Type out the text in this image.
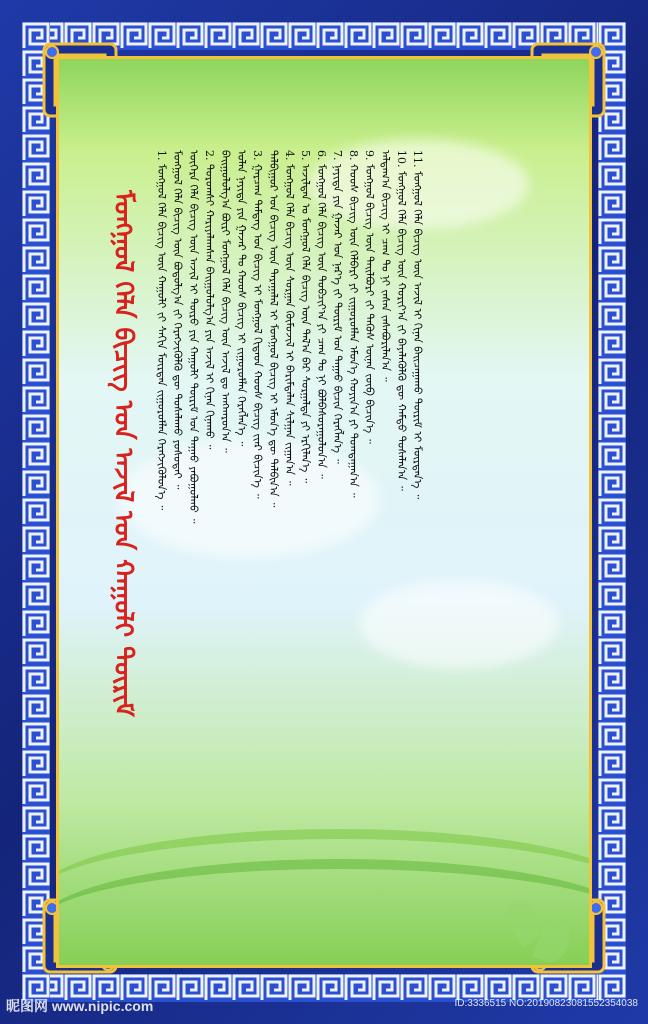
ᠮᠣᠩᠭᠣᠯ ᠬᠡᠯᠡ ᠪᠢᠴᠢᠭ ᠤᠨ ᠠᠵᠢᠯ ᠤᠨ ᠬᠠᠭᠤᠯᠢ ᠳᠦᠷᠢᠮ	1. ᠮᠣᠩᠭᠣᠯ ᠬᠡᠯᠡ ᠪᠢᠴᠢᠭ ᠦᠨ ᠬᠠᠭᠤᠯᠢ ᠵᠢ ᠰᠠᠬᠢᠨ ᠮᠥᠷᠳᠡᠨ ᠵᠢᠭᠤᠷᠤᠮᠯᠠᠨ ᠬᠡᠷᠡᠭᠵᠢᠭᠦᠯᠦᠨ᠎ᠡ ᠃ ᠮᠣᠩᠭᠣᠯ ᠬᠡᠯᠡ ᠪᠢᠴᠢᠭ ᠦᠨ ᠪᠣᠳᠣᠯᠭ᠎ᠠ ᠵᠢ ᠬᠡᠷᠡᠭᠵᠢᠭᠦᠯᠬᠦ ᠳᠦ ᠲᠤᠰᠠᠯᠠᠬᠤ ᠶᠣᠰᠣᠲᠠᠢ ᠃ ᠥᠭᠡᠷᠡ ᠬᠡᠯᠡ ᠪᠢᠴᠢᠭ ᠦᠨ ᠠᠵᠢᠯ ᠢ ᠲᠥᠷᠥ ᠶᠢᠨ ᠬᠠᠭᠤᠯᠢ ᠳᠦᠷᠢᠮ ᠤᠨ ᠳᠠᠭᠠᠤ ᠶᠠᠪᠤᠭᠤᠯᠬᠤ ᠃ 2. ᠳᠣᠷᠣᠭᠰᠢ ᠬᠠᠷᠢᠶᠠᠯᠠᠭᠰᠠᠨ ᠪᠠᠢᠭᠤᠯᠤᠯᠭ᠎ᠠ ᠶᠢᠨ ᠠᠵᠢᠯ ᠢ ᠬᠢᠨᠠᠨ ᠬᠢᠨᠠᠬᠤ ᠃ ᠪᠠᠢᠭᠤᠯᠤᠯᠭ᠎ᠠ ᠪᠦᠷᠢ ᠮᠣᠩᠭᠣᠯ ᠬᠡᠯᠡ ᠪᠢᠴᠢᠭ ᠦᠨ ᠠᠵᠢᠯ ᠳᠤ ᠠᠩᠬᠠᠷᠤᠨ᠎ᠠ ᠃ ᠣᠯᠠᠨ ᠨᠡᠶᠢᠲᠡ ᠶᠢᠨ ᠭᠠᠵᠠᠷ ᠲᠤ ᠬᠣᠣᠰ ᠪᠢᠴᠢᠭ ᠢ ᠵᠢᠭᠤᠷᠤᠮᠯᠠᠨ ᠬᠡᠷᠡᠭᠯᠡᠨ᠎ᠡ ᠃ 3. ᠭᠠᠷᠴᠠᠭ ᠲᠡᠮᠳᠡᠭ ᠤᠨ ᠪᠢᠴᠢᠭ ᠢ ᠮᠣᠩᠭᠣᠯ ᠬᠢᠲᠠᠳ ᠬᠣᠣᠰ ᠪᠢᠴᠢᠭ ᠵᠢᠡᠷ ᠪᠢᠴᠢᠨ᠎ᠡ ᠃ ᠲᠠᠯᠪᠢᠭᠤᠷ ᠤᠨ ᠪᠢᠴᠢᠭ ᠦᠨ ᠳᠠᠷᠠᠭᠠᠯᠠᠯ ᠢ ᠮᠣᠩᠭᠣᠯ ᠪᠢᠴᠢᠭ ᠢ ᠡᠮᠦᠨ᠎ᠡ ᠳᠦ ᠲᠠᠯᠪᠢᠨ᠎ᠠ ᠃ 4. ᠮᠣᠩᠭᠣᠯ ᠬᠡᠯᠡ ᠪᠢᠴᠢᠭ ᠦᠨ ᠰᠤᠷᠭᠠᠨ ᠬᠦᠮᠦᠵᠢᠯ ᠢ ᠪᠠᠷᠢᠮᠲᠠᠯᠠᠨ ᠰᠢᠯᠭᠠᠨ ᠵᠢᠭᠠᠨ᠎ᠠ ᠃ 5. ᠠᠵᠢᠯᠲᠠᠨ ᠤ ᠮᠣᠩᠭᠣᠯ ᠬᠡᠯᠡ ᠪᠢᠴᠢᠭ ᠦᠨ ᠲᠠᠯ᠎ᠠ ᠪᠠᠷ ᠰᠤᠷᠭᠠᠯᠲᠠ ᠶᠢ ᠡᠷᠬᠢᠯᠡᠨ᠎ᠡ ᠃ 6. ᠮᠣᠩᠭᠣᠯ ᠬᠡᠯᠡ ᠪᠢᠴᠢᠭ ᠦᠨ ᠲᠣᠪᠴᠢᠶ᠎ᠠ ᠶᠢ ᠴᠠᠭ ᠲᠤ ᠨᠢ ᠪᠣᠯᠪᠠᠰᠤᠷᠠᠭᠤᠯᠤᠨ᠎ᠠ ᠃ 7. ᠨᠡᠶᠢᠲᠡ ᠶᠢᠨ ᠭᠠᠵᠠᠷ ᠤᠨ ᠨᠡᠷ᠎ᠡ ᠵᠢ ᠳᠦᠷᠢᠮ ᠤᠨ ᠳᠠᠭᠠᠤ ᠪᠢᠴᠢᠨ ᠬᠡᠷᠡᠭᠯᠡᠨ᠎ᠡ ᠃ 8. ᠬᠣᠣᠰ ᠪᠢᠴᠢᠭ ᠦᠨ ᠬᠡᠯᠪᠡᠷᠢ ᠶᠢ ᠵᠢᠭᠤᠷᠤᠮᠯᠠᠨ ᠡᠮᠦᠨ᠎ᠡ ᠬᠣᠶᠢᠨ᠎ᠠ ᠶᠢ ᠲᠣᠭᠲᠠᠭᠠᠨ᠎ᠠ ᠃ 9. ᠮᠣᠩᠭᠣᠯ ᠪᠢᠴᠢᠭ ᠦᠨ ᠲᠠᠢᠯᠪᠤᠷᠢ ᠵᠢ ᠲᠡᠭᠦᠰ ᠦᠨᠡᠨ ᠵᠥᠪ ᠪᠢᠴᠢᠨ᠎ᠡ ᠃ ᠠᠯᠳᠠᠭ᠎ᠠ ᠪᠢᠴᠢᠭ ᠢ ᠴᠠᠭ ᠲᠤ ᠨᠢ ᠵᠠᠰᠠᠨ ᠵᠠᠰᠠᠪᠤᠷᠢᠯᠠᠨ᠎ᠠ ᠃ 10. ᠮᠣᠩᠭᠣᠯ ᠬᠡᠯᠡ ᠪᠢᠴᠢᠭ ᠦᠨ ᠬᠣᠷᠢᠶ᠎ᠠ ᠵᠢ ᠪᠡᠶᠡᠯᠡᠭᠦᠯᠬᠦ ᠳᠦ ᠬᠠᠮᠲᠤ ᠲᠤᠰᠠᠯᠠᠨ᠎ᠠ ᠃ 11. ᠮᠣᠩᠭᠣᠯ ᠬᠡᠯᠡ ᠪᠢᠴᠢᠭ ᠦᠨ ᠠᠵᠢᠯ ᠢ ᠬᠢᠨᠠᠨ ᠪᠠᠢᠴᠠᠭᠠᠬᠤ ᠳᠦᠷᠢᠮ ᠢ ᠮᠥᠷᠳᠡᠨ᠎ᠡ ᠃
昵图网 www.nipic.com	ID:3336515 NO:20190823081552354038
